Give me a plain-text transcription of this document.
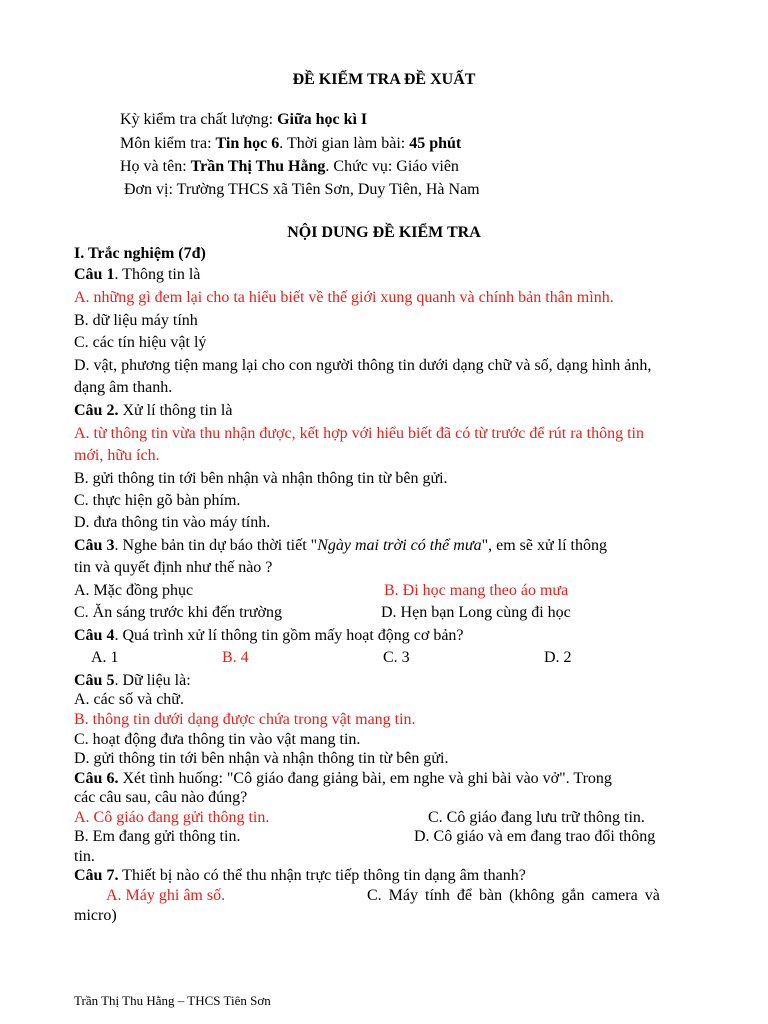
ĐỀ KIỂM TRA ĐỀ XUẤT
Kỳ kiểm tra chất lượng: Giữa học kì I
Môn kiểm tra: Tin học 6. Thời gian làm bài: 45 phút
Họ và tên: Trần Thị Thu Hằng. Chức vụ: Giáo viên
Đơn vị: Trường THCS xã Tiên Sơn, Duy Tiên, Hà Nam
NỘI DUNG ĐỀ KIỂM TRA
I. Trắc nghiệm (7đ)
Câu 1. Thông tin là
A. những gì đem lại cho ta hiểu biết về thế giới xung quanh và chính bản thân mình.
B. dữ liệu máy tính
C. các tín hiệu vật lý
D. vật, phương tiện mang lại cho con người thông tin dưới dạng chữ và số, dạng hình ảnh,
dạng âm thanh.
Câu 2. Xử lí thông tin là
A. từ thông tin vừa thu nhận được, kết hợp với hiểu biết đã có từ trước để rút ra thông tin
mới, hữu ích.
B. gửi thông tin tới bên nhận và nhận thông tin từ bên gửi.
C. thực hiện gõ bàn phím.
D. đưa thông tin vào máy tính.
Câu 3. Nghe bản tin dự báo thời tiết "Ngày mai trời có thể mưa", em sẽ xử lí thông
tin và quyết định như thế nào ?
A. Mặc đồng phục	B. Đi học mang theo áo mưa
C. Ăn sáng trước khi đến trường	D. Hẹn bạn Long cùng đi học
Câu 4. Quá trình xử lí thông tin gồm mấy hoạt động cơ bản?
A. 1	B. 4	C. 3	D. 2
Câu 5. Dữ liệu là:
A. các số và chữ.
B. thông tin dưới dạng được chứa trong vật mang tin.
C. hoạt động đưa thông tin vào vật mang tin.
D. gửi thông tin tới bên nhận và nhận thông tin từ bên gửi.
Câu 6. Xét tình huống: "Cô giáo đang giảng bài, em nghe và ghi bài vào vở". Trong
các câu sau, câu nào đúng?
A. Cô giáo đang gửi thông tin.	C. Cô giáo đang lưu trữ thông tin.
B. Em đang gửi thông tin.	D. Cô giáo và em đang trao đổi thông
tin.
Câu 7. Thiết bị nào có thể thu nhận trực tiếp thông tin dạng âm thanh?
A. Máy ghi âm số.	C. Máy tính để bàn (không gắn camera và
micro)
Trần Thị Thu Hằng – THCS Tiên Sơn
